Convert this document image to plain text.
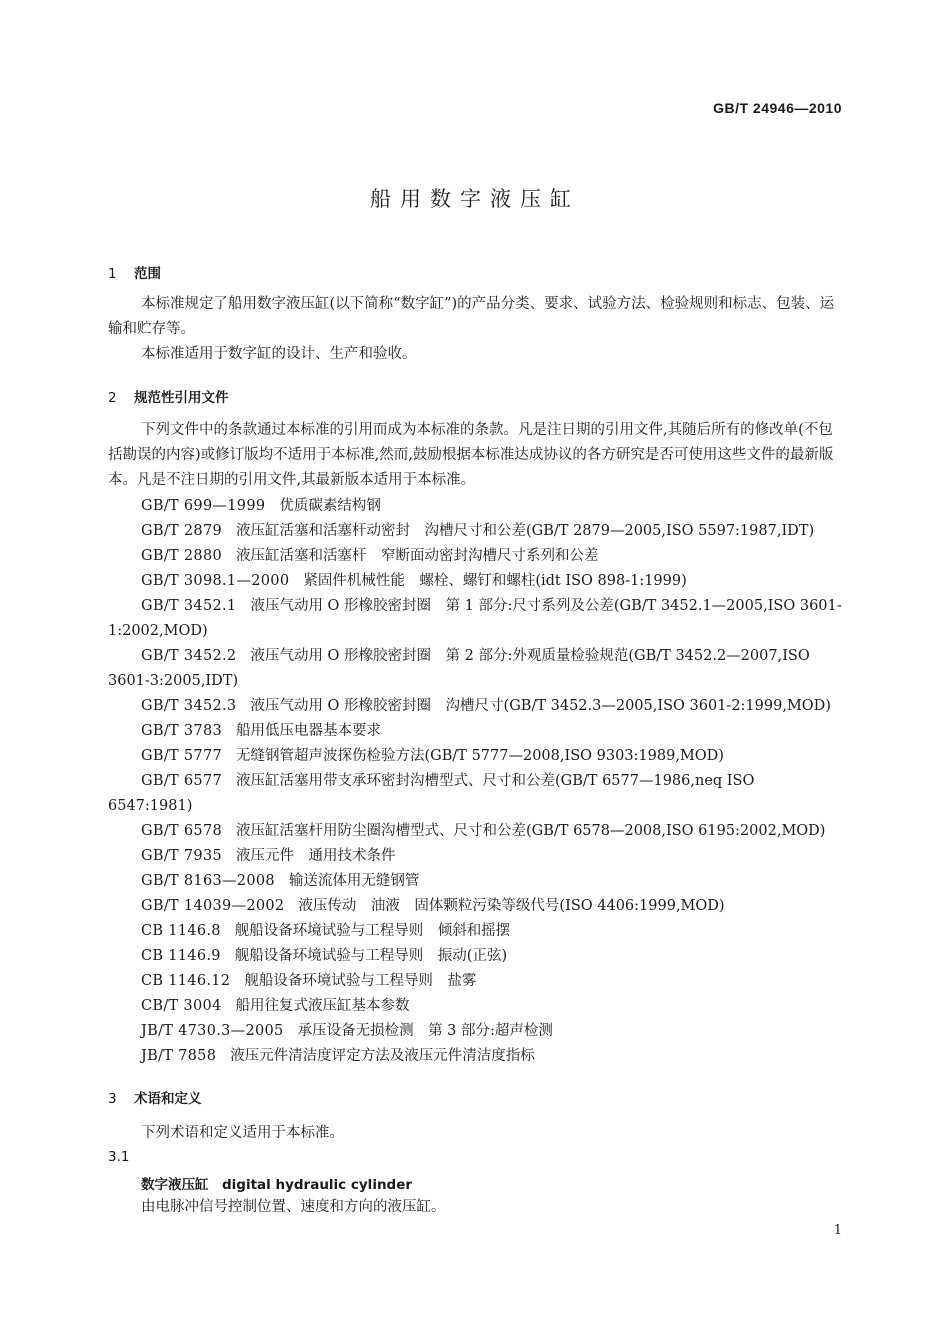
GB/T 24946—2010
船用数字液压缸
1 范围
本标准规定了船用数字液压缸(以下简称“数字缸”)的产品分类、要求、试验方法、检验规则和标志、包装、运输和贮存等。
本标准适用于数字缸的设计、生产和验收。
2 规范性引用文件
下列文件中的条款通过本标准的引用而成为本标准的条款。凡是注日期的引用文件,其随后所有的修改单(不包括勘误的内容)或修订版均不适用于本标准,然而,鼓励根据本标准达成协议的各方研究是否可使用这些文件的最新版本。凡是不注日期的引用文件,其最新版本适用于本标准。
GB/T 699—1999 优质碳素结构钢
GB/T 2879 液压缸活塞和活塞杆动密封　沟槽尺寸和公差(GB/T 2879—2005,ISO 5597:1987,IDT)
GB/T 2880 液压缸活塞和活塞杆　窄断面动密封沟槽尺寸系列和公差
GB/T 3098.1—2000 紧固件机械性能　螺栓、螺钉和螺柱(idt ISO 898-1:1999)
GB/T 3452.1 液压气动用 O 形橡胶密封圈　第 1 部分:尺寸系列及公差(GB/T 3452.1—2005,ISO 3601-1:2002,MOD)
GB/T 3452.2 液压气动用 O 形橡胶密封圈　第 2 部分:外观质量检验规范(GB/T 3452.2—2007,ISO 3601-3:2005,IDT)
GB/T 3452.3 液压气动用 O 形橡胶密封圈　沟槽尺寸(GB/T 3452.3—2005,ISO 3601-2:1999,MOD)
GB/T 3783 船用低压电器基本要求
GB/T 5777 无缝钢管超声波探伤检验方法(GB/T 5777—2008,ISO 9303:1989,MOD)
GB/T 6577 液压缸活塞用带支承环密封沟槽型式、尺寸和公差(GB/T 6577—1986,neq ISO 6547:1981)
GB/T 6578 液压缸活塞杆用防尘圈沟槽型式、尺寸和公差(GB/T 6578—2008,ISO 6195:2002,MOD)
GB/T 7935 液压元件　通用技术条件
GB/T 8163—2008 输送流体用无缝钢管
GB/T 14039—2002 液压传动　油液　固体颗粒污染等级代号(ISO 4406:1999,MOD)
CB 1146.8 舰船设备环境试验与工程导则　倾斜和摇摆
CB 1146.9 舰船设备环境试验与工程导则　振动(正弦)
CB 1146.12 舰船设备环境试验与工程导则　盐雾
CB/T 3004 船用往复式液压缸基本参数
JB/T 4730.3—2005 承压设备无损检测　第 3 部分:超声检测
JB/T 7858 液压元件清洁度评定方法及液压元件清洁度指标
3 术语和定义
下列术语和定义适用于本标准。
3.1
数字液压缸　digital hydraulic cylinder
由电脉冲信号控制位置、速度和方向的液压缸。
1
